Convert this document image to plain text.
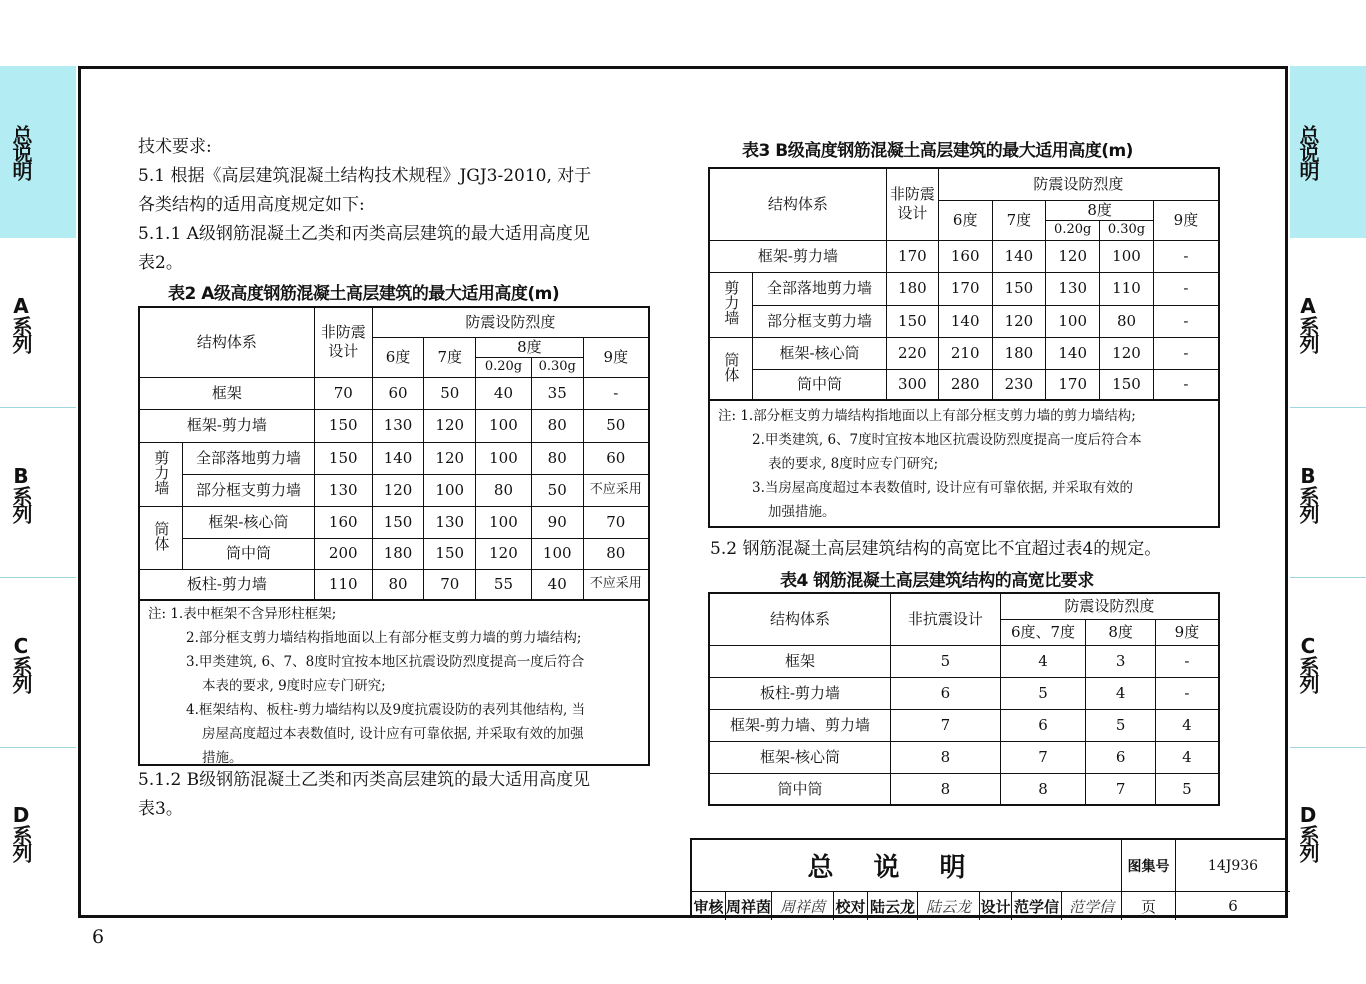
总说明
A系列
B系列
C系列
D系列
总说明
A系列
B系列
C系列
D系列
技术要求:
5.1 根据《高层建筑混凝土结构技术规程》JGJ3-2010, 对于
各类结构的适用高度规定如下:
5.1.1 A级钢筋混凝土乙类和丙类高层建筑的最大适用高度见
表2。
表2 A级高度钢筋混凝土高层建筑的最大适用高度(m)
结构体系		非防震设计	防震设防烈度				
			6度	7度	8度		9度
					0.20g	0.30g	
框架		70	60	50	40	35	-
框架-剪力墙		150	130	120	100	80	50
剪力墙	全部落地剪力墙	150	140	120	100	80	60
	部分框支剪力墙	130	120	100	80	50	不应采用
筒体	框架-核心筒	160	150	130	100	90	70
	筒中筒	200	180	150	120	100	80
板柱-剪力墙		110	80	70	55	40	不应采用
注: 1.表中框架不含异形柱框架;
2.部分框支剪力墙结构指地面以上有部分框支剪力墙的剪力墙结构;
3.甲类建筑, 6、7、8度时宜按本地区抗震设防烈度提高一度后符合
本表的要求, 9度时应专门研究;
4.框架结构、板柱-剪力墙结构以及9度抗震设防的表列其他结构, 当
房屋高度超过本表数值时, 设计应有可靠依据, 并采取有效的加强
措施。
5.1.2 B级钢筋混凝土乙类和丙类高层建筑的最大适用高度见
表3。
表3 B级高度钢筋混凝土高层建筑的最大适用高度(m)
结构体系		非防震设计	防震设防烈度				
			6度	7度	8度		9度
					0.20g	0.30g	
框架-剪力墙		170	160	140	120	100	-
剪力墙	全部落地剪力墙	180	170	150	130	110	-
	部分框支剪力墙	150	140	120	100	80	-
筒体	框架-核心筒	220	210	180	140	120	-
	筒中筒	300	280	230	170	150	-
注: 1.部分框支剪力墙结构指地面以上有部分框支剪力墙的剪力墙结构;
2.甲类建筑, 6、7度时宜按本地区抗震设防烈度提高一度后符合本
表的要求, 8度时应专门研究;
3.当房屋高度超过本表数值时, 设计应有可靠依据, 并采取有效的
加强措施。
5.2 钢筋混凝土高层建筑结构的高宽比不宜超过表4的规定。
表4 钢筋混凝土高层建筑结构的高宽比要求
结构体系	非抗震设计	防震设防烈度		
		6度、7度	8度	9度
框架	5	4	3	-
板柱-剪力墙	6	5	4	-
框架-剪力墙、剪力墙	7	6	5	4
框架-核心筒	8	7	6	4
筒中筒	8	8	7	5
总说明	图集号	14J936
审核 周祥茵 周祥茵 校对 陆云龙 陆云龙 设计 范学信 范学信	页	6
6
